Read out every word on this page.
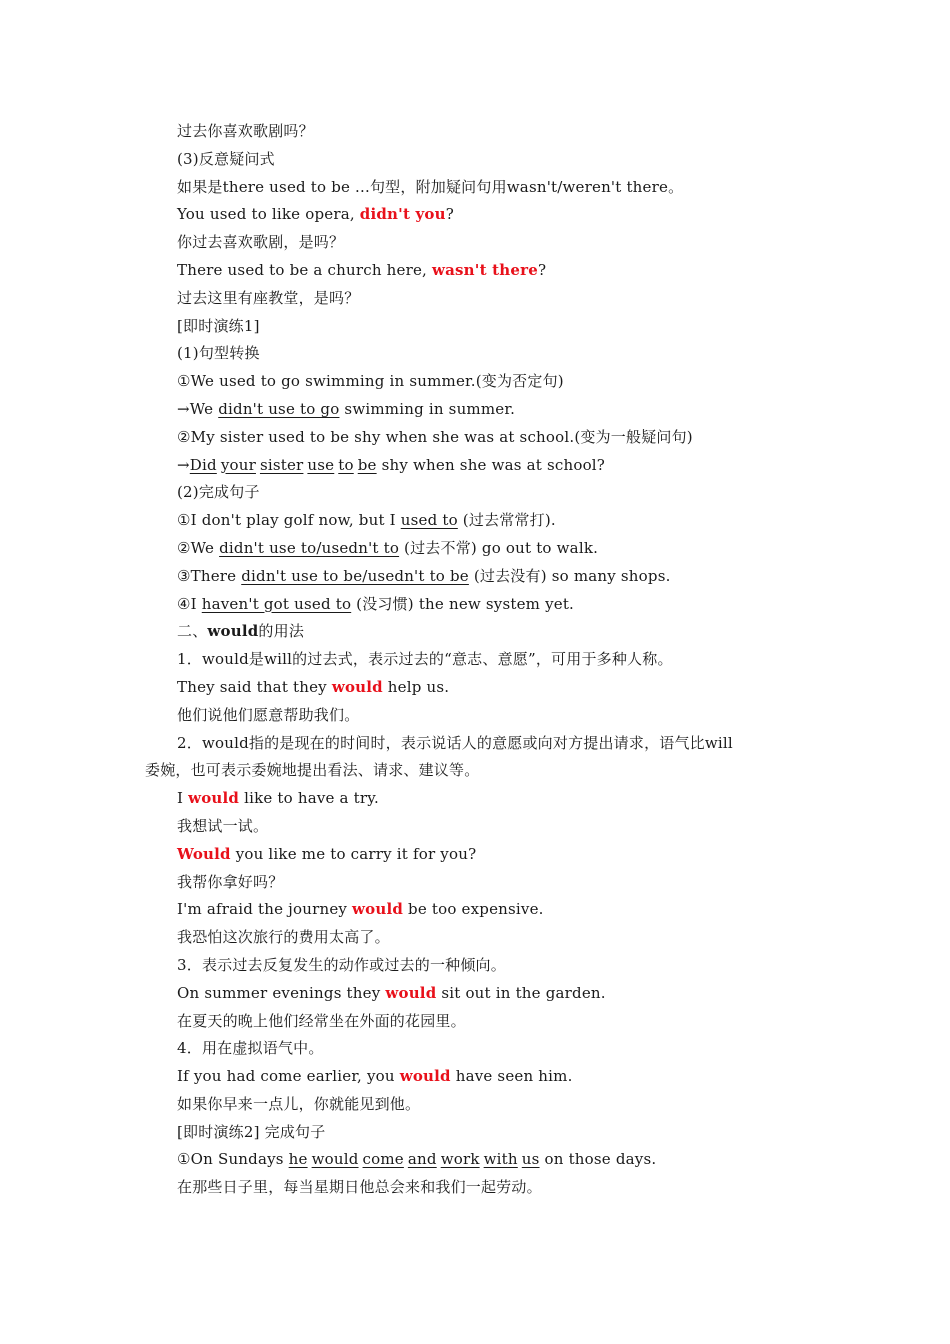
过去你喜欢歌剧吗？
(3)反意疑问式
如果是there used to be ...句型，附加疑问句用wasn't/weren't there。
You used to like opera, didn't you?
你过去喜欢歌剧，是吗？
There used to be a church here, wasn't there?
过去这里有座教堂，是吗？
[即时演练1]
(1)句型转换
①We used to go swimming in summer.(变为否定句)
→We didn't use to go swimming in summer.
②My sister used to be shy when she was at school.(变为一般疑问句)
→Did your sister use to be shy when she was at school?
(2)完成句子
①I don't play golf now, but I used to (过去常常打).
②We didn't use to/usedn't to (过去不常) go out to walk.
③There didn't use to be/usedn't to be (过去没有) so many shops.
④I haven't got used to (没习惯) the new system yet.
二、would的用法
1．would是will的过去式，表示过去的“意志、意愿”，可用于多种人称。
They said that they would help us.
他们说他们愿意帮助我们。
2．would指的是现在的时间时，表示说话人的意愿或向对方提出请求，语气比will
委婉，也可表示委婉地提出看法、请求、建议等。
I would like to have a try.
我想试一试。
Would you like me to carry it for you?
我帮你拿好吗？
I'm afraid the journey would be too expensive.
我恐怕这次旅行的费用太高了。
3．表示过去反复发生的动作或过去的一种倾向。
On summer evenings they would sit out in the garden.
在夏天的晚上他们经常坐在外面的花园里。
4．用在虚拟语气中。
If you had come earlier, you would have seen him.
如果你早来一点儿，你就能见到他。
[即时演练2] 完成句子
①On Sundays he would come and work with us on those days.
在那些日子里，每当星期日他总会来和我们一起劳动。
